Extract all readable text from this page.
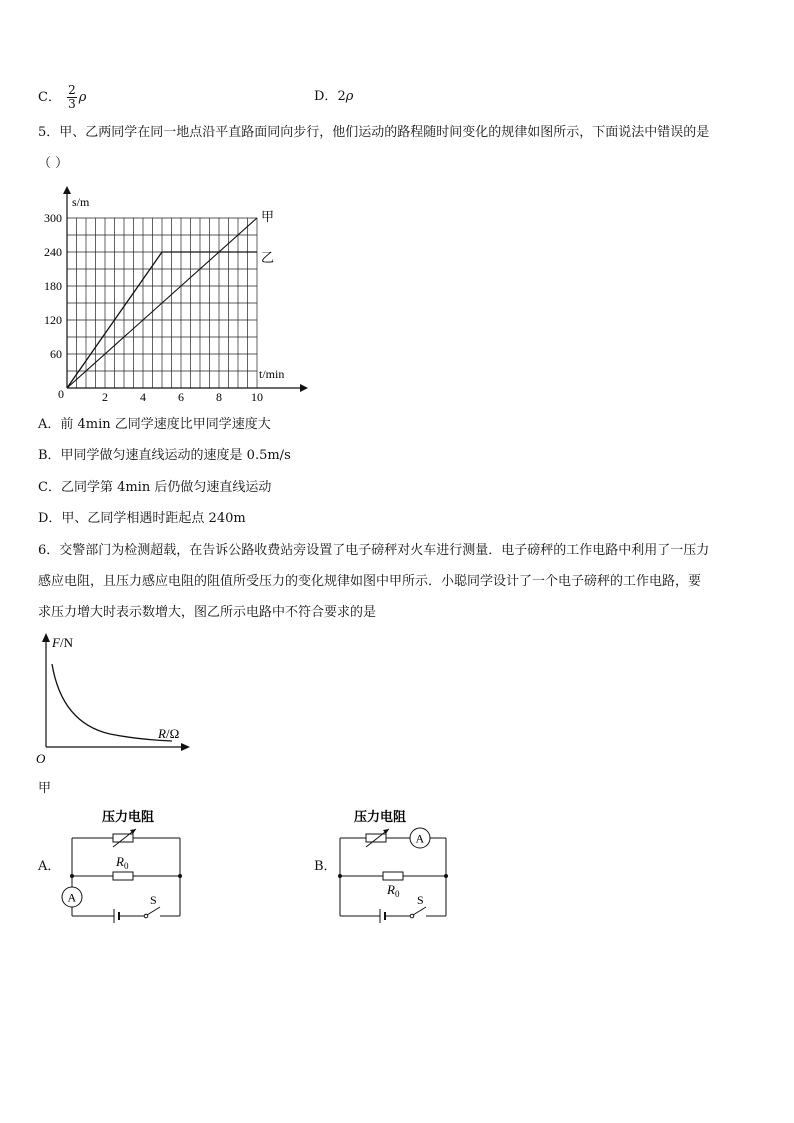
C． $\frac{2}{3}$ ρ	D．2ρ
5．甲、乙两同学在同一地点沿平直路面同向步行，他们运动的路程随时间变化的规律如图所示，下面说法中错误的是
（ ）
2	4	6	8 10
60
120
180
240
300	甲
乙
s/m
t/min
0
A．前 4min 乙同学速度比甲同学速度大
B．甲同学做匀速直线运动的速度是 0.5m/s
C．乙同学第 4min 后仍做匀速直线运动
D．甲、乙同学相遇时距起点 240m
6．交警部门为检测超载，在告诉公路收费站旁设置了电子磅秤对火车进行测量．电子磅秤的工作电路中利用了一压力
感应电阻，且压力感应电阻的阻值所受压力的变化规律如图中甲所示．小聪同学设计了一个电子磅秤的工作电路，要
求压力增大时表示数增大，图乙所示电路中不符合要求的是
F/N
R/Ω
O
甲
A．
压力电阻
$R_0$
A	S
B．
压力电阻
A
$R_0$ S
